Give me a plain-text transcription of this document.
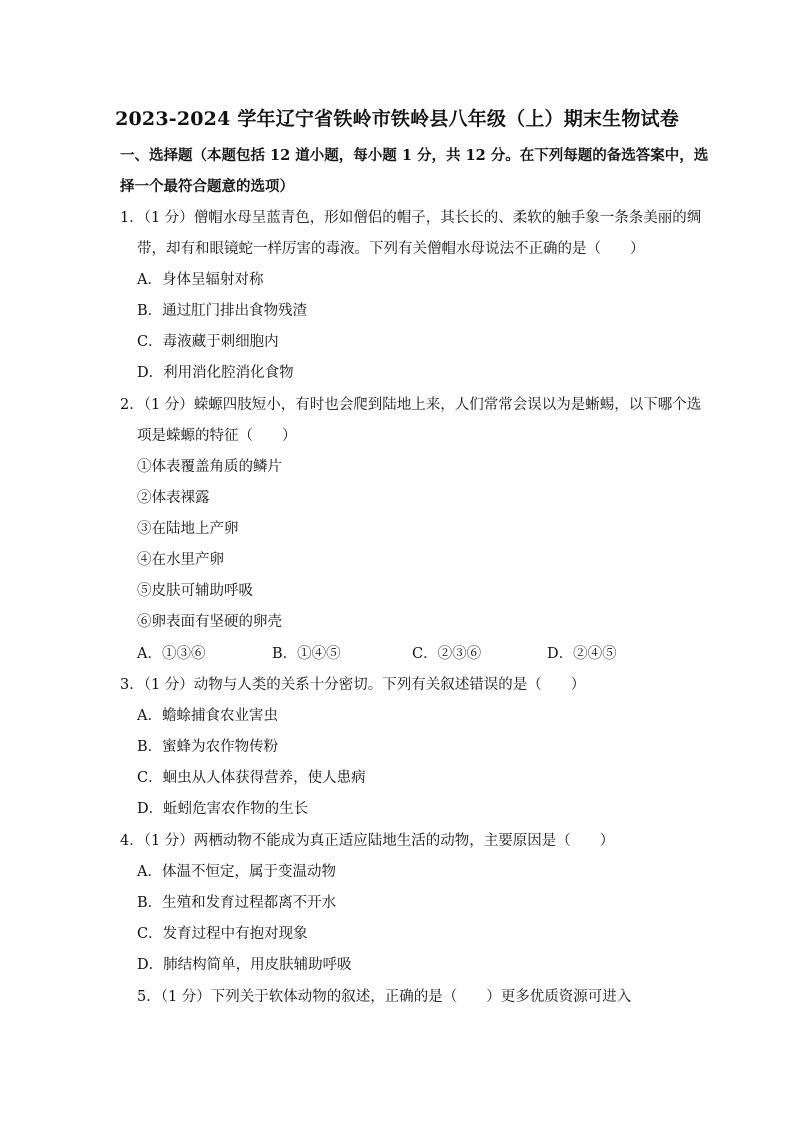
2023-2024 学年辽宁省铁岭市铁岭县八年级（上）期末生物试卷
一、选择题（本题包括 12 道小题，每小题 1 分，共 12 分。在下列每题的备选答案中，选
择一个最符合题意的选项）
1．（1 分）僧帽水母呈蓝青色，形如僧侣的帽子，其长长的、柔软的触手象一条条美丽的绸
带，却有和眼镜蛇一样厉害的毒液。下列有关僧帽水母说法不正确的是（　　）
A．身体呈辐射对称
B．通过肛门排出食物残渣
C．毒液藏于刺细胞内
D．利用消化腔消化食物
2．（1 分）蝾螈四肢短小，有时也会爬到陆地上来，人们常常会误以为是蜥蜴，以下哪个选
项是蝾螈的特征（　　）
①体表覆盖角质的鳞片
②体表裸露
③在陆地上产卵
④在水里产卵
⑤皮肤可辅助呼吸
⑥卵表面有坚硬的卵壳
A．①③⑥	B．①④⑤	C．②③⑥	D．②④⑤
3．（1 分）动物与人类的关系十分密切。下列有关叙述错误的是（　　）
A．蟾蜍捕食农业害虫
B．蜜蜂为农作物传粉
C．蛔虫从人体获得营养，使人患病
D．蚯蚓危害农作物的生长
4．（1 分）两栖动物不能成为真正适应陆地生活的动物，主要原因是（　　）
A．体温不恒定，属于变温动物
B．生殖和发育过程都离不开水
C．发育过程中有抱对现象
D．肺结构简单，用皮肤辅助呼吸
5．（1 分）下列关于软体动物的叙述，正确的是（　　）更多优质资源可进入
